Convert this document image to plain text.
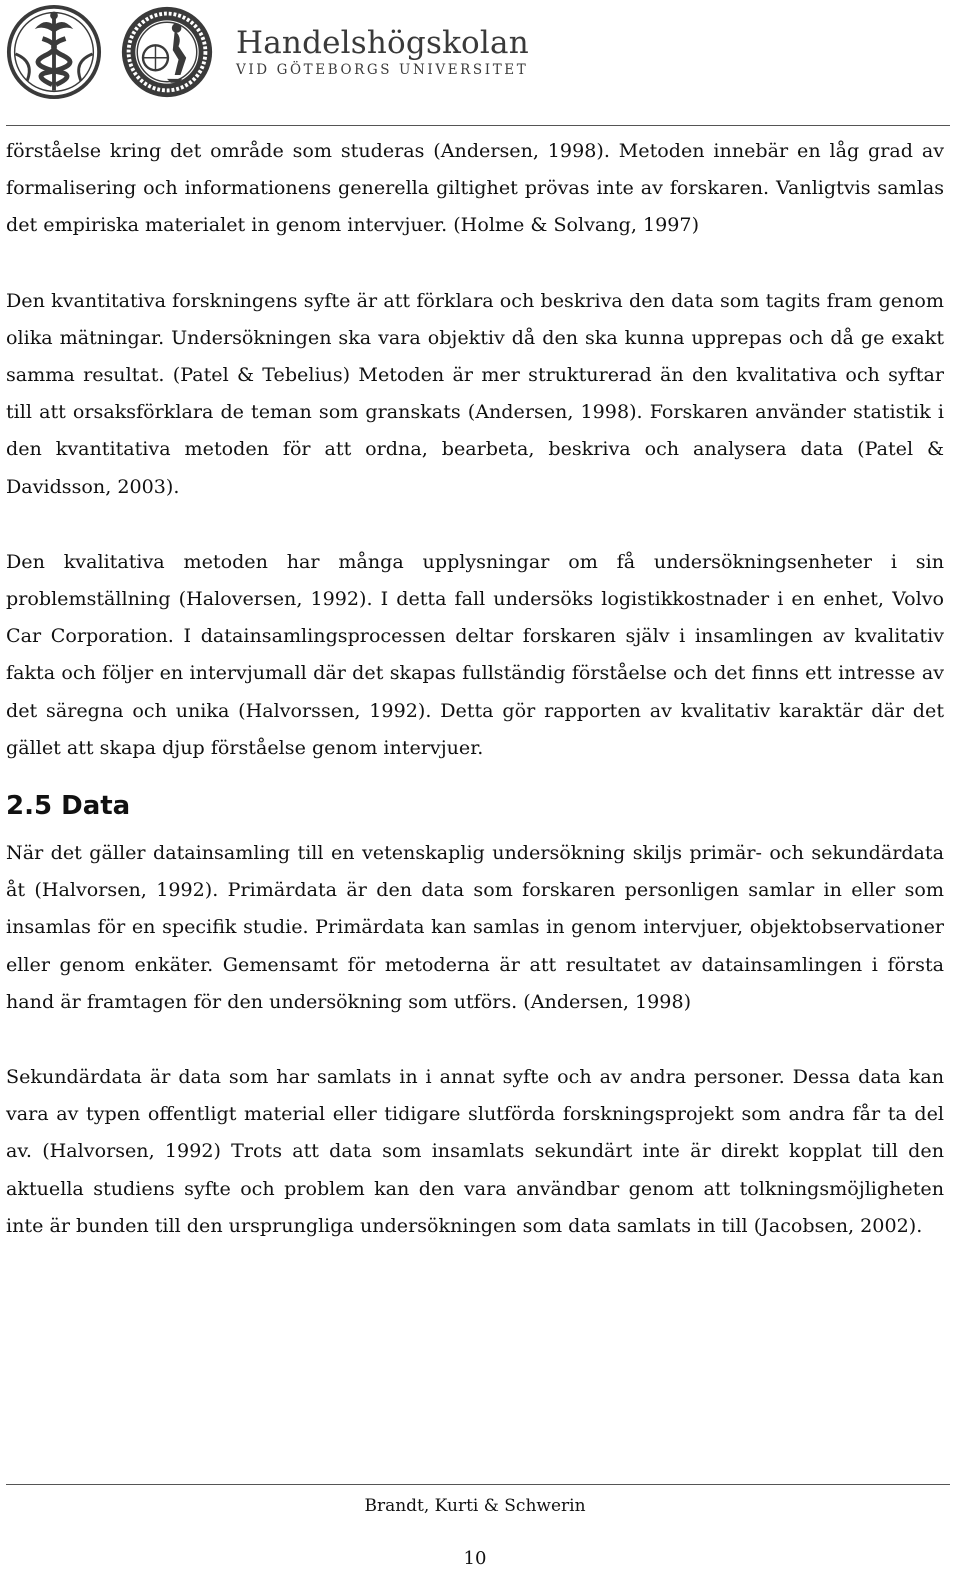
Handelshögskolan
VID GÖTEBORGS UNIVERSITET

förståelse kring det område som studeras (Andersen, 1998). Metoden innebär en låg grad av formalisering och informationens generella giltighet prövas inte av forskaren. Vanligtvis samlas det empiriska materialet in genom intervjuer. (Holme & Solvang, 1997)

Den kvantitativa forskningens syfte är att förklara och beskriva den data som tagits fram genom olika mätningar. Undersökningen ska vara objektiv då den ska kunna upprepas och då ge exakt samma resultat. (Patel & Tebelius) Metoden är mer strukturerad än den kvalitativa och syftar till att orsaksförklara de teman som granskats (Andersen, 1998). Forskaren använder statistik i den kvantitativa metoden för att ordna, bearbeta, beskriva och analysera data (Patel & Davidsson, 2003).

Den kvalitativa metoden har många upplysningar om få undersökningsenheter i sin problemställning (Haloversen, 1992). I detta fall undersöks logistikkostnader i en enhet, Volvo Car Corporation. I datainsamlingsprocessen deltar forskaren själv i insamlingen av kvalitativ fakta och följer en intervjumall där det skapas fullständig förståelse och det finns ett intresse av det säregna och unika (Halvorssen, 1992). Detta gör rapporten av kvalitativ karaktär där det gället att skapa djup förståelse genom intervjuer.

2.5 Data

När det gäller datainsamling till en vetenskaplig undersökning skiljs primär- och sekundärdata åt (Halvorsen, 1992). Primärdata är den data som forskaren personligen samlar in eller som insamlas för en specifik studie. Primärdata kan samlas in genom intervjuer, objektobservationer eller genom enkäter. Gemensamt för metoderna är att resultatet av datainsamlingen i första hand är framtagen för den undersökning som utförs. (Andersen, 1998)

Sekundärdata är data som har samlats in i annat syfte och av andra personer. Dessa data kan vara av typen offentligt material eller tidigare slutförda forskningsprojekt som andra får ta del av. (Halvorsen, 1992) Trots att data som insamlats sekundärt inte är direkt kopplat till den aktuella studiens syfte och problem kan den vara användbar genom att tolkningsmöjligheten inte är bunden till den ursprungliga undersökningen som data samlats in till (Jacobsen, 2002).

Brandt, Kurti & Schwerin
10
